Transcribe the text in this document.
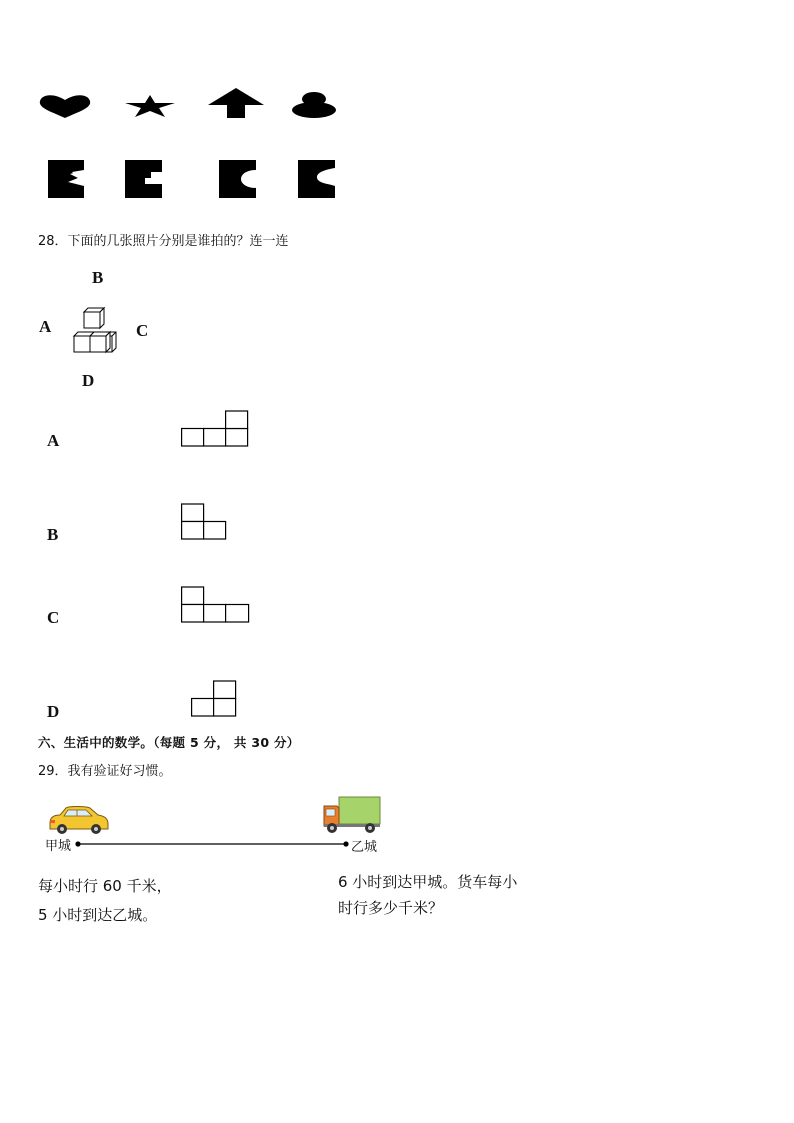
28．下面的几张照片分别是谁拍的？连一连
B
A	C
D
A
B
C
D
六、生活中的数学。（每题 5 分， 共 30 分）
29．我有验证好习惯。
甲城	乙城
每小时行 60 千米，
5 小时到达乙城。
6 小时到达甲城。货车每小
时行多少千米？
